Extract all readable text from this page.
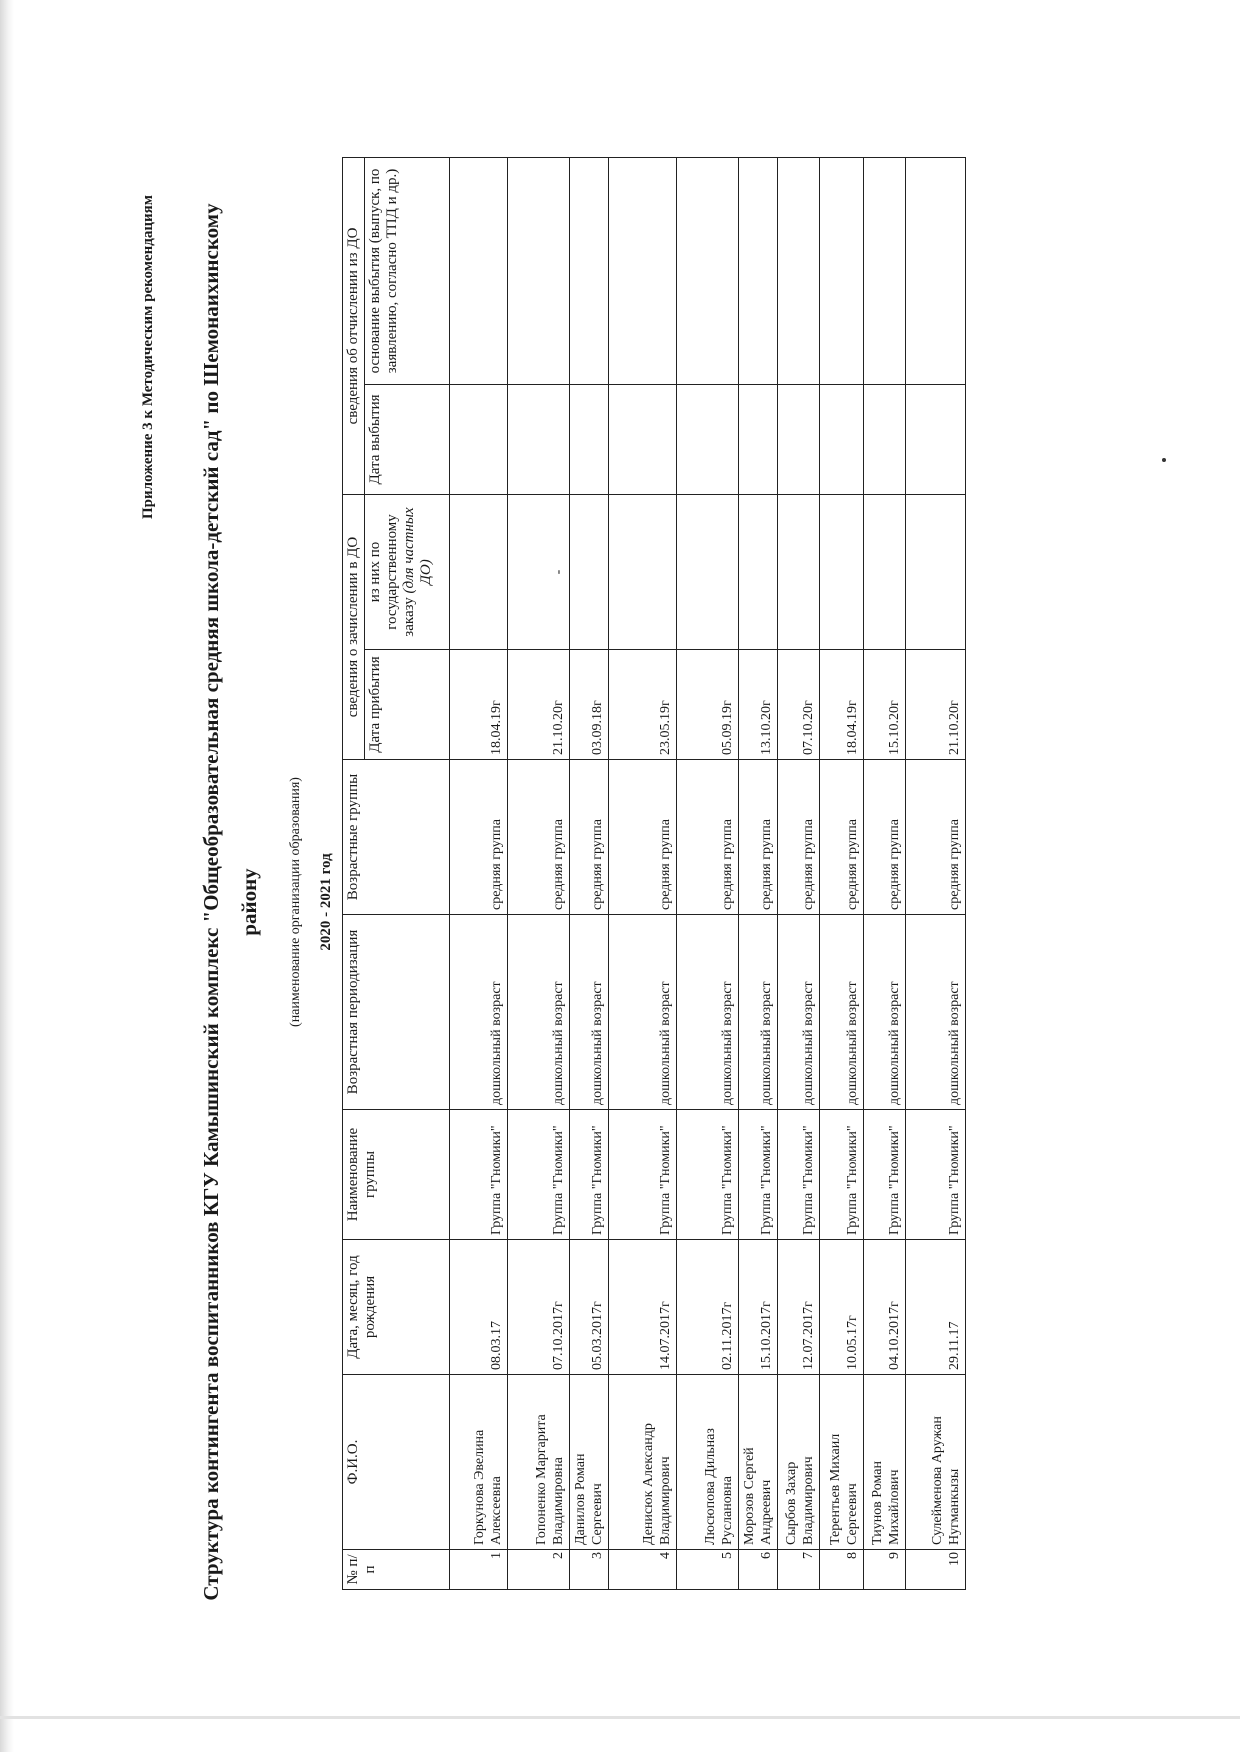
Приложение 3 к Методическим рекомендациям	Структура контингента воспитанников КГУ Камышинский комплекс "Общеобразовательная средняя школа-детский сад" по Шемонаихинскому району	(наименование организации образования) 2020 - 2021 год
№ п/п	Ф.И.О.	Дата, месяц, год рождения	Наименование группы	Возрастная периодизация	Возрастные группы	сведения о зачислении в ДО		сведения об отчислении из ДО	
						Дата прибытия	из них по государственному заказу (для частных ДО)	Дата выбытия	основание выбытия (выпуск, по заявлению, согласно ТПД и др.)
1	Горкунова Эвелина Алексеевна	08.03.17	Группа "Гномики"	дошкольный возраст	средняя группа	18.04.19г			
2	Гопоненко Маргарита Владимировна	07.10.2017г	Группа "Гномики"	дошкольный возраст	средняя группа	21.10.20г	-		
3	Данилов Роман Сергеевич	05.03.2017г	Группа "Гномики"	дошкольный возраст	средняя группа	03.09.18г			
4	Денисюк Александр Владимирович	14.07.2017г	Группа "Гномики"	дошкольный возраст	средняя группа	23.05.19г			
5	Люсюпова Дильназ Руслановна	02.11.2017г	Группа "Гномики"	дошкольный возраст	средняя группа	05.09.19г			
6	Морозов Сергей Андреевич	15.10.2017г	Группа "Гномики"	дошкольный возраст	средняя группа	13.10.20г			
7	Сырбов Захар Владимирович	12.07.2017г	Группа "Гномики"	дошкольный возраст	средняя группа	07.10.20г			
8	Терентьев Михаил Сергеевич	10.05.17г	Группа "Гномики"	дошкольный возраст	средняя группа	18.04.19г			
9	Тиунов Роман Михайлович	04.10.2017г	Группа "Гномики"	дошкольный возраст	средняя группа	15.10.20г			
10	Сулейменова Аружан Нугманкызы	29.11.17	Группа "Гномики"	дошкольный возраст	средняя группа	21.10.20г			
